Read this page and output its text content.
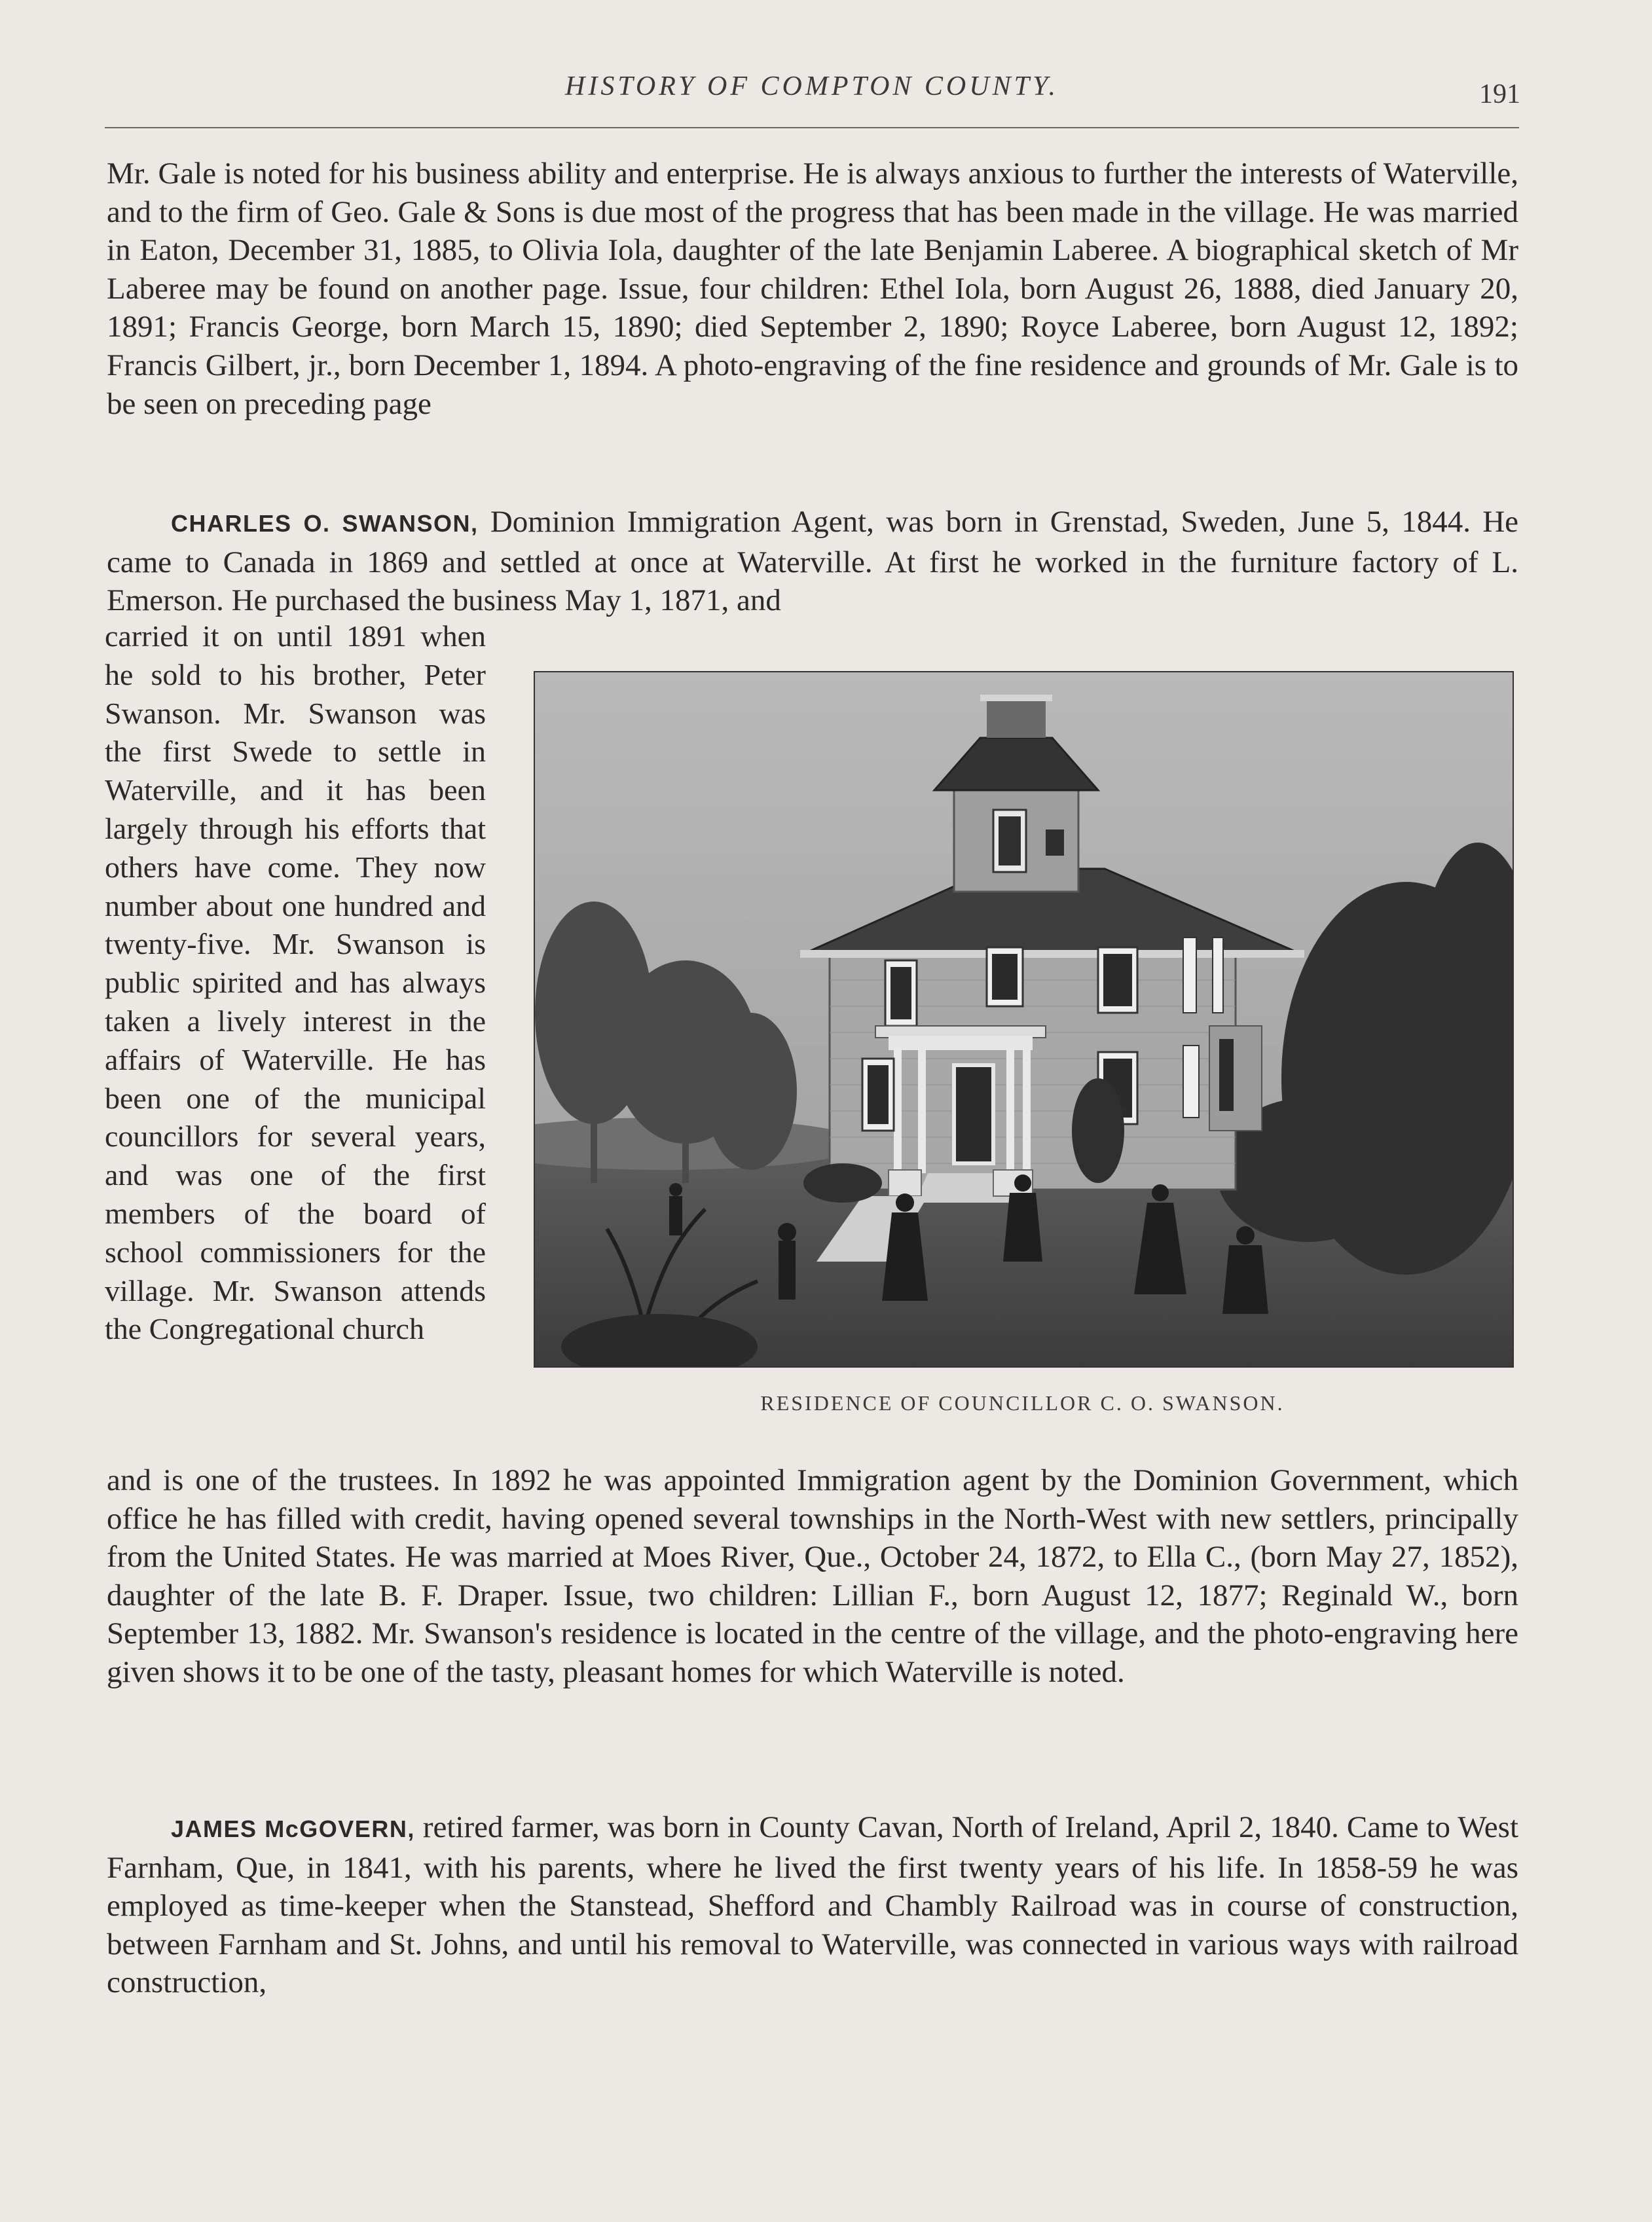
HISTORY OF COMPTON COUNTY.	191

Mr. Gale is noted for his business ability and enterprise. He is always anxious to further the interests of Waterville, and to the firm of Geo. Gale & Sons is due most of the progress that has been made in the village. He was married in Eaton, December 31, 1885, to Olivia Iola, daughter of the late Benjamin Laberee. A biographical sketch of Mr Laberee may be found on another page. Issue, four children: Ethel Iola, born August 26, 1888, died January 20, 1891; Francis George, born March 15, 1890; died September 2, 1890; Royce Laberee, born August 12, 1892; Francis Gilbert, jr., born December 1, 1894. A photo-engraving of the fine residence and grounds of Mr. Gale is to be seen on preceding page

CHARLES O. SWANSON, Dominion Immigration Agent, was born in Grenstad, Sweden, June 5, 1844. He came to Canada in 1869 and settled at once at Waterville. At first he worked in the furniture factory of L. Emerson. He purchased the business May 1, 1871, and

carried it on until 1891 when he sold to his brother, Peter Swanson. Mr. Swanson was the first Swede to settle in Waterville, and it has been largely through his efforts that others have come. They now number about one hundred and twenty-five. Mr. Swanson is public spirited and has always taken a lively interest in the affairs of Waterville. He has been one of the municipal councillors for several years, and was one of the first members of the board of school commissioners for the village. Mr. Swanson attends the Congregational church

RESIDENCE OF COUNCILLOR C. O. SWANSON.

and is one of the trustees. In 1892 he was appointed Immigration agent by the Dominion Government, which office he has filled with credit, having opened several townships in the North-West with new settlers, principally from the United States. He was married at Moes River, Que., October 24, 1872, to Ella C., (born May 27, 1852), daughter of the late B. F. Draper. Issue, two children: Lillian F., born August 12, 1877; Reginald W., born September 13, 1882. Mr. Swanson's residence is located in the centre of the village, and the photo-engraving here given shows it to be one of the tasty, pleasant homes for which Waterville is noted.

JAMES McGOVERN, retired farmer, was born in County Cavan, North of Ireland, April 2, 1840. Came to West Farnham, Que, in 1841, with his parents, where he lived the first twenty years of his life. In 1858-59 he was employed as time-keeper when the Stanstead, Shefford and Chambly Railroad was in course of construction, between Farnham and St. Johns, and until his removal to Waterville, was connected in various ways with railroad construction,
